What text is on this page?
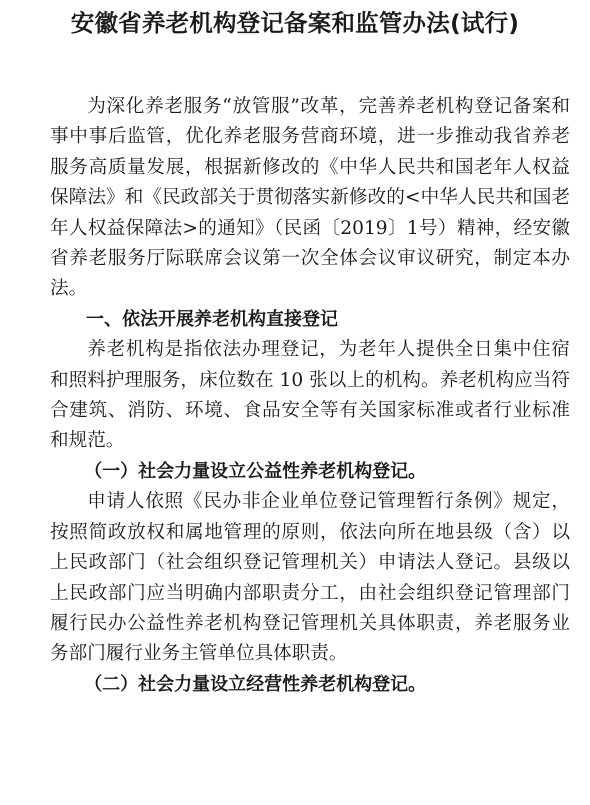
安徽省养老机构登记备案和监管办法(试行)

为深化养老服务“放管服”改革，完善养老机构登记备案和事中事后监管，优化养老服务营商环境，进一步推动我省养老服务高质量发展，根据新修改的《中华人民共和国老年人权益保障法》和《民政部关于贯彻落实新修改的<中华人民共和国老年人权益保障法>的通知》（民函〔2019〕1号）精神，经安徽省养老服务厅际联席会议第一次全体会议审议研究，制定本办法。

一、依法开展养老机构直接登记

养老机构是指依法办理登记，为老年人提供全日集中住宿和照料护理服务，床位数在 10 张以上的机构。养老机构应当符合建筑、消防、环境、食品安全等有关国家标准或者行业标准和规范。

（一）社会力量设立公益性养老机构登记。

申请人依照《民办非企业单位登记管理暂行条例》规定，按照简政放权和属地管理的原则，依法向所在地县级（含）以上民政部门（社会组织登记管理机关）申请法人登记。县级以上民政部门应当明确内部职责分工，由社会组织登记管理部门履行民办公益性养老机构登记管理机关具体职责，养老服务业务部门履行业务主管单位具体职责。

（二）社会力量设立经营性养老机构登记。
